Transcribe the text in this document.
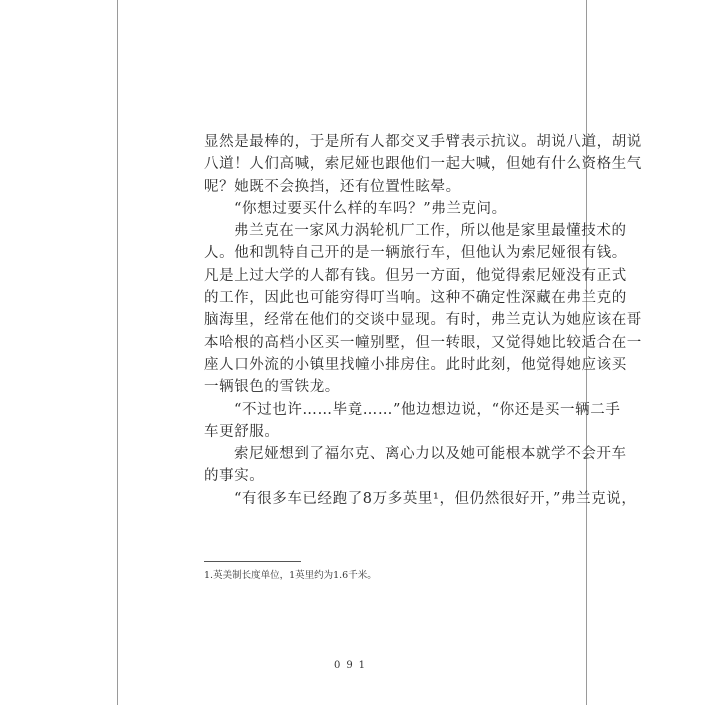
显然是最棒的，于是所有人都交叉手臂表示抗议。胡说八道，胡说
八道！人们高喊，索尼娅也跟他们一起大喊，但她有什么资格生气
呢？她既不会换挡，还有位置性眩晕。
“你想过要买什么样的车吗？”弗兰克问。
弗兰克在一家风力涡轮机厂工作，所以他是家里最懂技术的
人。他和凯特自己开的是一辆旅行车，但他认为索尼娅很有钱。
凡是上过大学的人都有钱。但另一方面，他觉得索尼娅没有正式
的工作，因此也可能穷得叮当响。这种不确定性深藏在弗兰克的
脑海里，经常在他们的交谈中显现。有时，弗兰克认为她应该在哥
本哈根的高档小区买一幢别墅，但一转眼，又觉得她比较适合在一
座人口外流的小镇里找幢小排房住。此时此刻，他觉得她应该买
一辆银色的雪铁龙。
“不过也许……毕竟……”他边想边说，“你还是买一辆二手
车更舒服。
索尼娅想到了福尔克、离心力以及她可能根本就学不会开车
的事实。
“有很多车已经跑了8万多英里¹，但仍然很好开，”弗兰克说，
1.英美制长度单位，1英里约为1.6千米。
091
